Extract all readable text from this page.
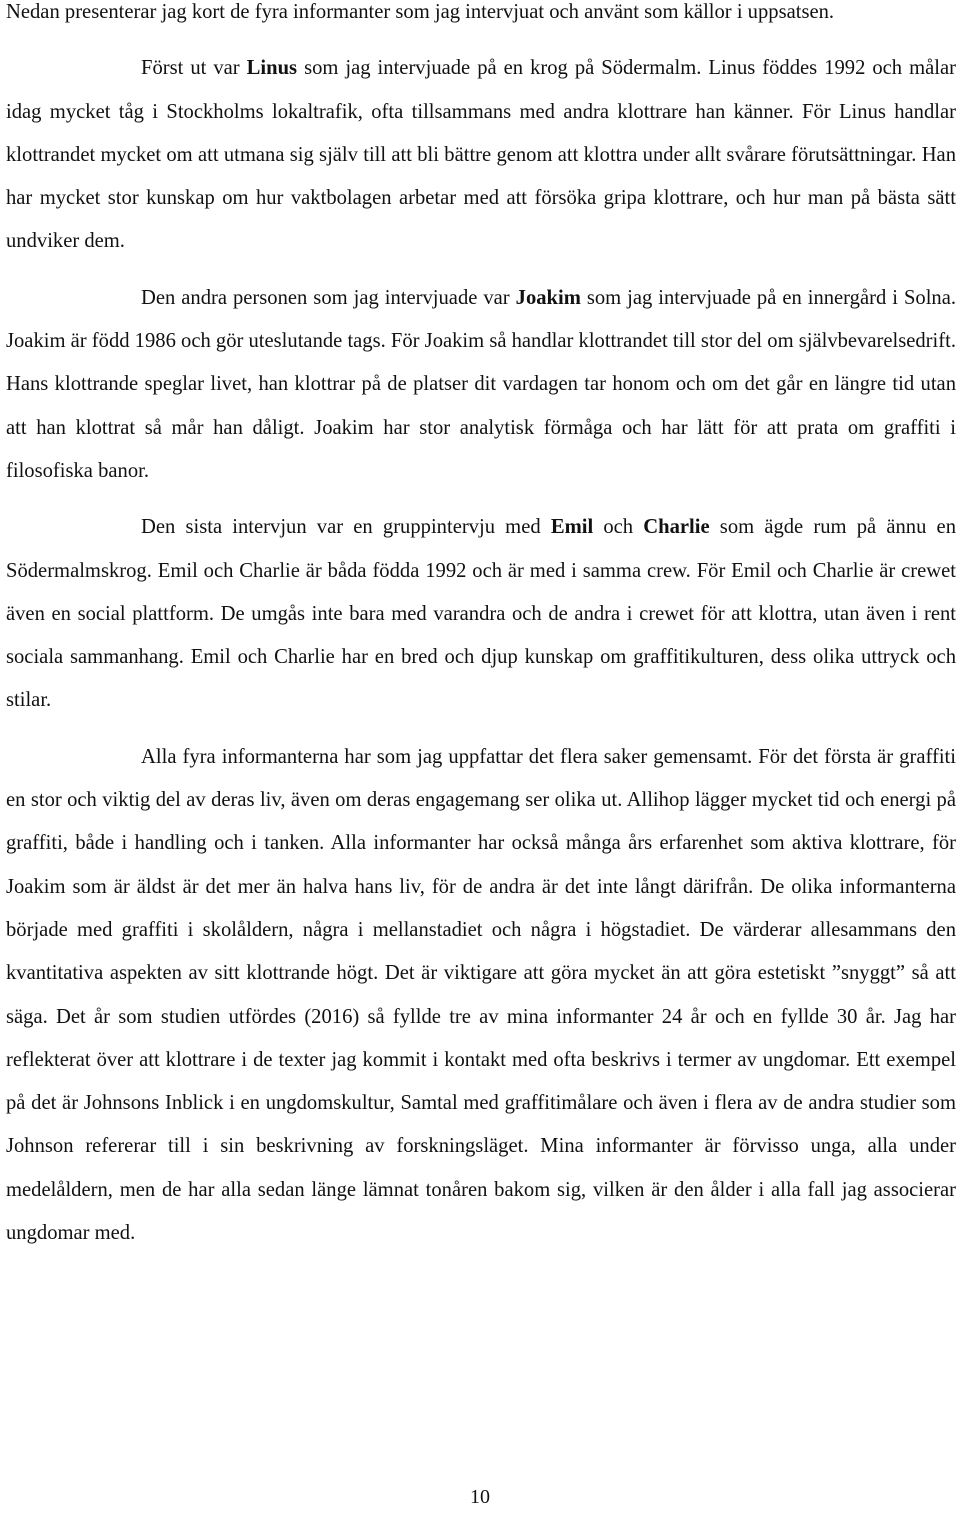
Nedan presenterar jag kort de fyra informanter som jag intervjuat och använt som källor i uppsatsen.

Först ut var Linus som jag intervjuade på en krog på Södermalm. Linus föddes 1992 och målar idag mycket tåg i Stockholms lokaltrafik, ofta tillsammans med andra klottrare han känner. För Linus handlar klottrandet mycket om att utmana sig själv till att bli bättre genom att klottra under allt svårare förutsättningar. Han har mycket stor kunskap om hur vaktbolagen arbetar med att försöka gripa klottrare, och hur man på bästa sätt undviker dem.

Den andra personen som jag intervjuade var Joakim som jag intervjuade på en innergård i Solna. Joakim är född 1986 och gör uteslutande tags. För Joakim så handlar klottrandet till stor del om självbevarelsedrift. Hans klottrande speglar livet, han klottrar på de platser dit vardagen tar honom och om det går en längre tid utan att han klottrat så mår han dåligt. Joakim har stor analytisk förmåga och har lätt för att prata om graffiti i filosofiska banor.

Den sista intervjun var en gruppintervju med Emil och Charlie som ägde rum på ännu en Södermalmskrog. Emil och Charlie är båda födda 1992 och är med i samma crew. För Emil och Charlie är crewet även en social plattform. De umgås inte bara med varandra och de andra i crewet för att klottra, utan även i rent sociala sammanhang. Emil och Charlie har en bred och djup kunskap om graffitikulturen, dess olika uttryck och stilar.

Alla fyra informanterna har som jag uppfattar det flera saker gemensamt. För det första är graffiti en stor och viktig del av deras liv, även om deras engagemang ser olika ut. Allihop lägger mycket tid och energi på graffiti, både i handling och i tanken. Alla informanter har också många års erfarenhet som aktiva klottrare, för Joakim som är äldst är det mer än halva hans liv, för de andra är det inte långt därifrån. De olika informanterna började med graffiti i skolåldern, några i mellanstadiet och några i högstadiet. De värderar allesammans den kvantitativa aspekten av sitt klottrande högt. Det är viktigare att göra mycket än att göra estetiskt ”snyggt” så att säga. Det år som studien utfördes (2016) så fyllde tre av mina informanter 24 år och en fyllde 30 år. Jag har reflekterat över att klottrare i de texter jag kommit i kontakt med ofta beskrivs i termer av ungdomar. Ett exempel på det är Johnsons Inblick i en ungdomskultur, Samtal med graffitimålare och även i flera av de andra studier som Johnson refererar till i sin beskrivning av forskningsläget. Mina informanter är förvisso unga, alla under medelåldern, men de har alla sedan länge lämnat tonåren bakom sig, vilken är den ålder i alla fall jag associerar ungdomar med.

10
